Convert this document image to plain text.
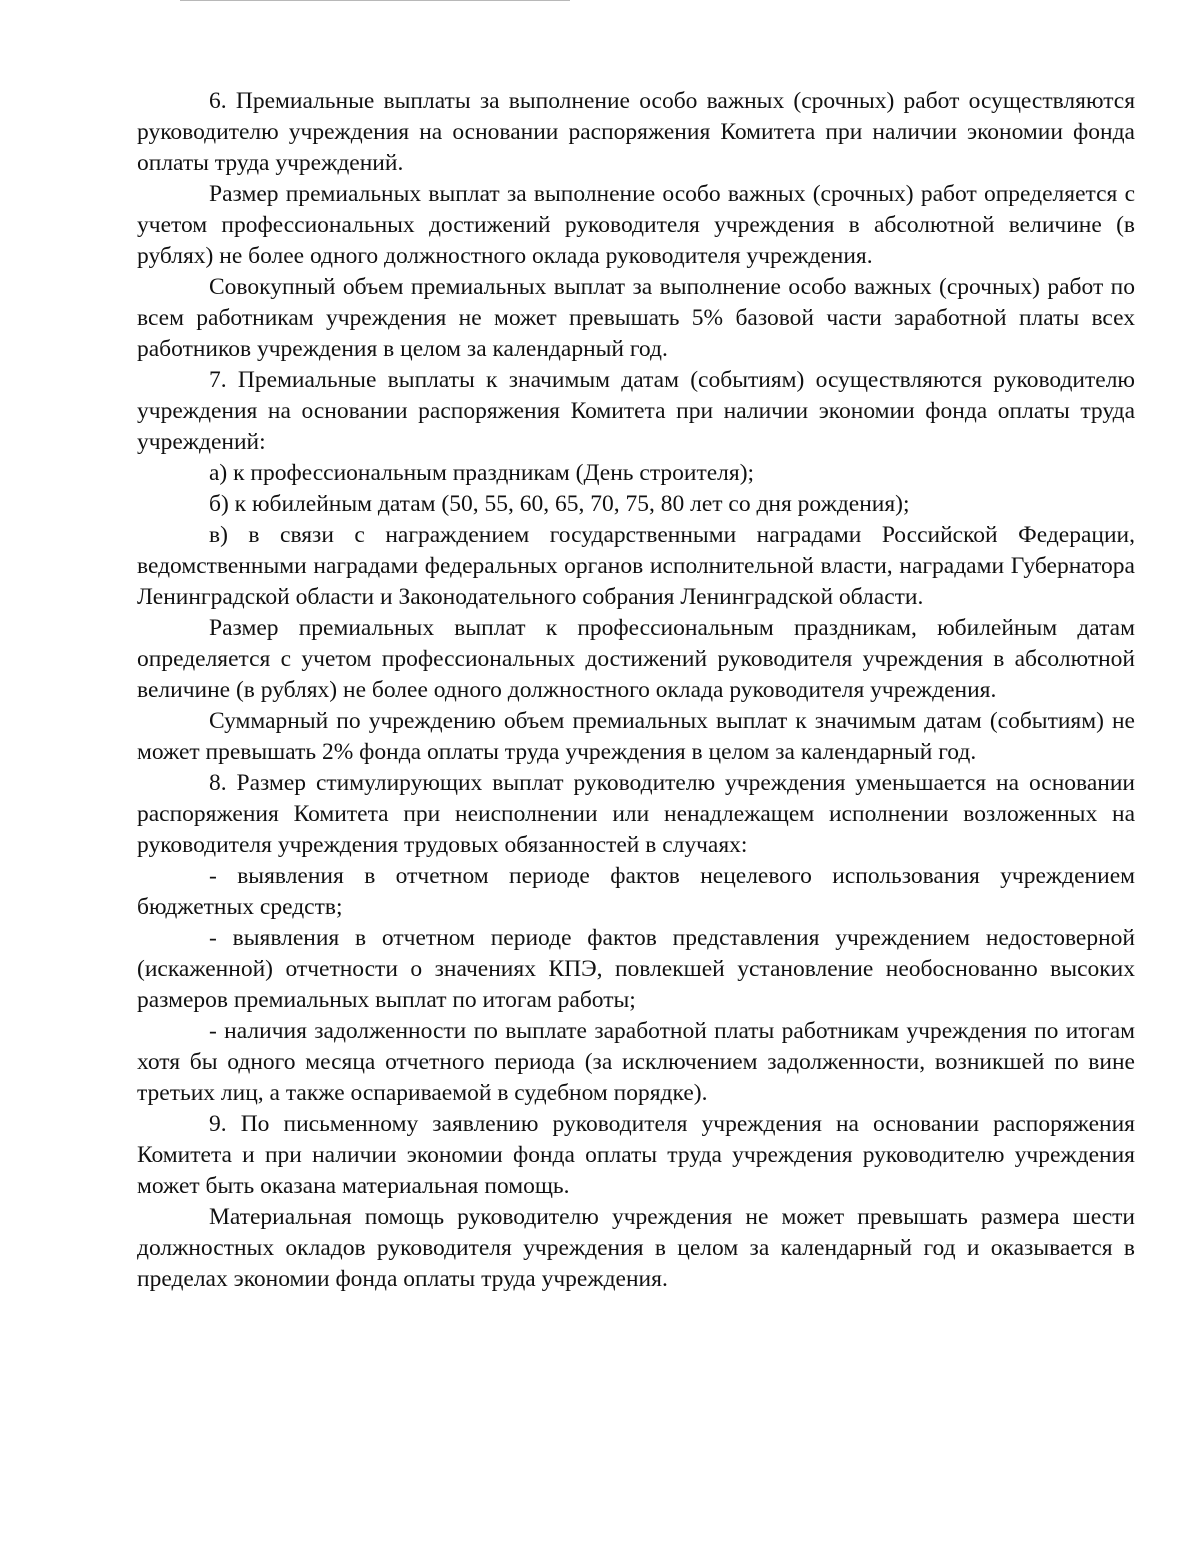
6. Премиальные выплаты за выполнение особо важных (срочных) работ осуществляются руководителю учреждения на основании распоряжения Комитета при наличии экономии фонда оплаты труда учреждений.

Размер премиальных выплат за выполнение особо важных (срочных) работ определяется с учетом профессиональных достижений руководителя учреждения в абсолютной величине (в рублях) не более одного должностного оклада руководителя учреждения.

Совокупный объем премиальных выплат за выполнение особо важных (срочных) работ по всем работникам учреждения не может превышать 5% базовой части заработной платы всех работников учреждения в целом за календарный год.

7. Премиальные выплаты к значимым датам (событиям) осуществляются руководителю учреждения на основании распоряжения Комитета при наличии экономии фонда оплаты труда учреждений:

а) к профессиональным праздникам (День строителя);

б) к юбилейным датам (50, 55, 60, 65, 70, 75, 80 лет со дня рождения);

в) в связи с награждением государственными наградами Российской Федерации, ведомственными наградами федеральных органов исполнительной власти, наградами Губернатора Ленинградской области и Законодательного собрания Ленинградской области.

Размер премиальных выплат к профессиональным праздникам, юбилейным датам определяется с учетом профессиональных достижений руководителя учреждения в абсолютной величине (в рублях) не более одного должностного оклада руководителя учреждения.

Суммарный по учреждению объем премиальных выплат к значимым датам (событиям) не может превышать 2% фонда оплаты труда учреждения в целом за календарный год.

8. Размер стимулирующих выплат руководителю учреждения уменьшается на основании распоряжения Комитета при неисполнении или ненадлежащем исполнении возложенных на руководителя учреждения трудовых обязанностей в случаях:

- выявления в отчетном периоде фактов нецелевого использования учреждением бюджетных средств;

- выявления в отчетном периоде фактов представления учреждением недостоверной (искаженной) отчетности о значениях КПЭ, повлекшей установление необоснованно высоких размеров премиальных выплат по итогам работы;

- наличия задолженности по выплате заработной платы работникам учреждения по итогам хотя бы одного месяца отчетного периода (за исключением задолженности, возникшей по вине третьих лиц, а также оспариваемой в судебном порядке).

9. По письменному заявлению руководителя учреждения на основании распоряжения Комитета и при наличии экономии фонда оплаты труда учреждения руководителю учреждения может быть оказана материальная помощь.

Материальная помощь руководителю учреждения не может превышать размера шести должностных окладов руководителя учреждения в целом за календарный год и оказывается в пределах экономии фонда оплаты труда учреждения.
